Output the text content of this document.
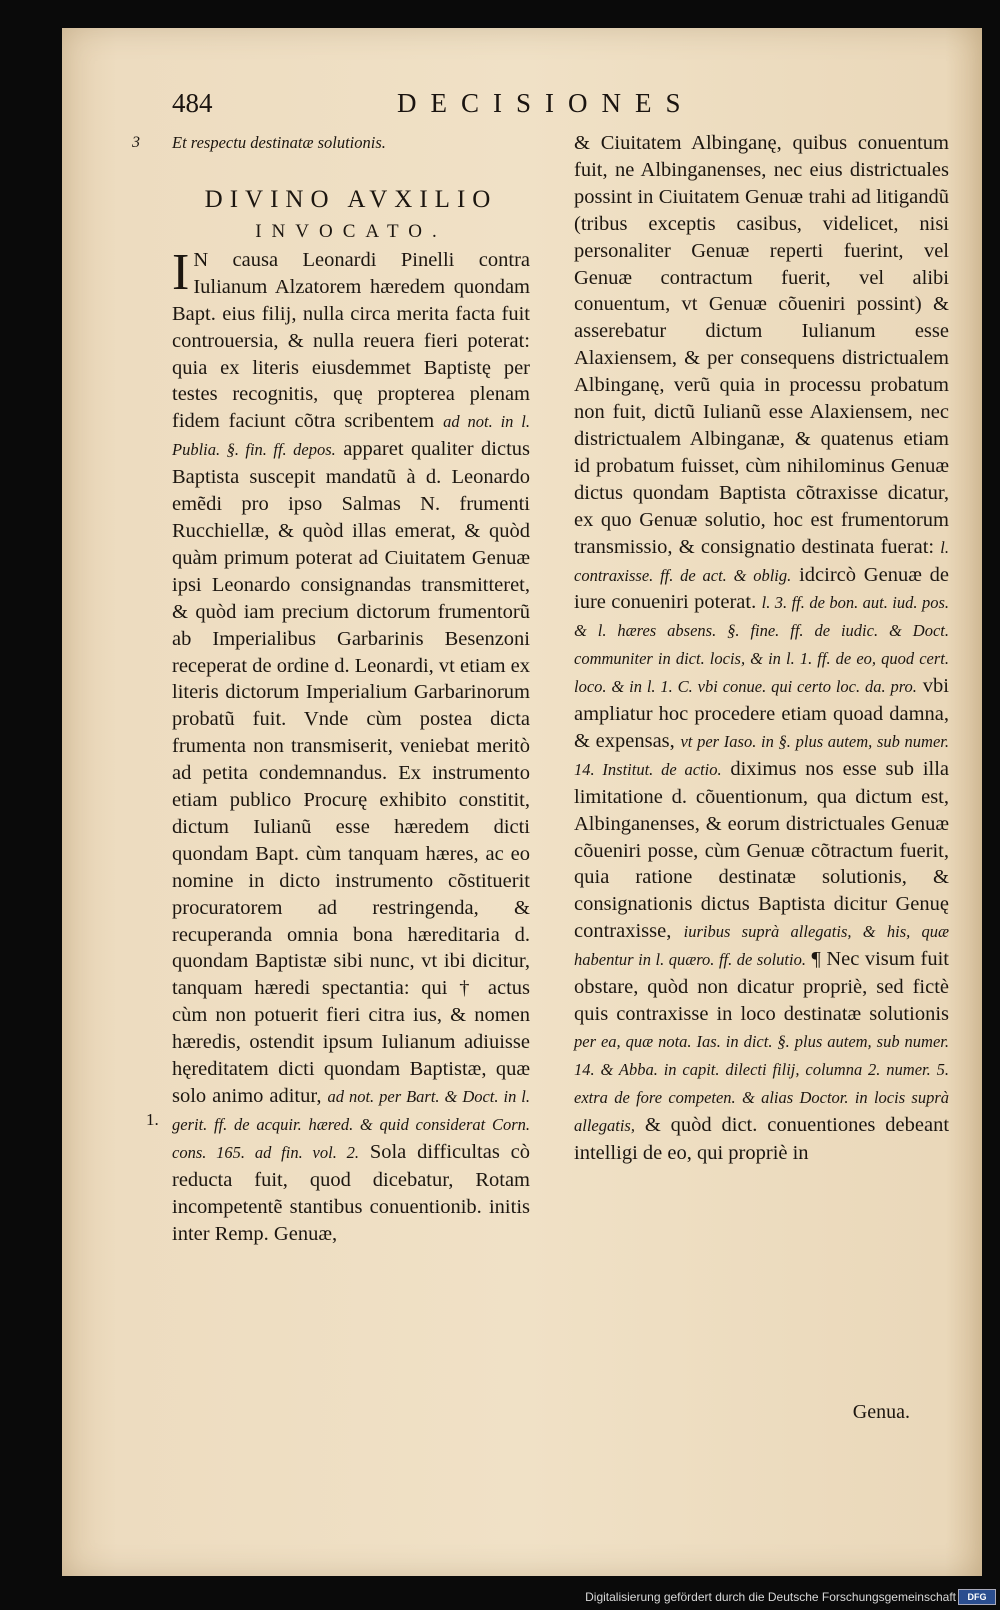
484	DECISIONES
3
1.

Et respectu destinatæ solutionis.

DIVINO AVXILIO

INVOCATO.

I N causa Leonardi Pinelli contra Iulianum Alzatorem hæredem quondam Bapt. eius filij, nulla circa merita facta fuit controuersia, & nulla reuera fieri poterat: quia ex literis eiusdemmet Baptistę per testes recognitis, quę propterea plenam fidem faciunt cõtra scribentem ad not. in l. Publia. §. fin. ff. depos. apparet qualiter dictus Baptista suscepit mandatũ à d. Leonardo emẽdi pro ipso Salmas N. frumenti Rucchiellæ, & quòd illas emerat, & quòd quàm primum poterat ad Ciuitatem Genuæ ipsi Leonardo consignandas transmitteret, & quòd iam precium dictorum frumentorũ ab Imperialibus Garbarinis Besenzoni receperat de ordine d. Leonardi, vt etiam ex literis dictorum Imperialium Garbarinorum probatũ fuit. Vnde cùm postea dicta frumenta non transmiserit, veniebat meritò ad petita condemnandus. Ex instrumento etiam publico Procurę exhibito constitit, dictum Iulianũ esse hæredem dicti quondam Bapt. cùm tanquam hæres, ac eo nomine in dicto instrumento cõstituerit procuratorem ad restringenda, & recuperanda omnia bona hæreditaria d. quondam Baptistæ sibi nunc, vt ibi dicitur, tanquam hæredi spectantia: qui † actus cùm non potuerit fieri citra ius, & nomen hæredis, ostendit ipsum Iulianum adiuisse hęreditatem dicti quondam Baptistæ, quæ solo animo aditur, ad not. per Bart. & Doct. in l. gerit. ff. de acquir. hæred. & quid considerat Corn. cons. 165. ad fin. vol. 2. Sola difficultas cò reducta fuit, quod dicebatur, Rotam incompetentẽ stantibus conuentionib. initis inter Remp. Genuæ,

& Ciuitatem Albinganę, quibus conuentum fuit, ne Albinganenses, nec eius districtuales possint in Ciuitatem Genuæ trahi ad litigandũ (tribus exceptis casibus, videlicet, nisi personaliter Genuæ reperti fuerint, vel Genuæ contractum fuerit, vel alibi conuentum, vt Genuæ cõueniri possint) & asserebatur dictum Iulianum esse Alaxiensem, & per consequens districtualem Albinganę, verũ quia in processu probatum non fuit, dictũ Iulianũ esse Alaxiensem, nec districtualem Albinganæ, & quatenus etiam id probatum fuisset, cùm nihilominus Genuæ dictus quondam Baptista cõtraxisse dicatur, ex quo Genuæ solutio, hoc est frumentorum transmissio, & consignatio destinata fuerat: l. contraxisse. ff. de act. & oblig. idcircò Genuæ de iure conueniri poterat. l. 3. ff. de bon. aut. iud. pos. & l. hæres absens. §. fine. ff. de iudic. & Doct. communiter in dict. locis, & in l. 1. ff. de eo, quod cert. loco. & in l. 1. C. vbi conue. qui certo loc. da. pro. vbi ampliatur hoc procedere etiam quoad damna, & expensas, vt per Iaso. in §. plus autem, sub numer. 14. Institut. de actio. diximus nos esse sub illa limitatione d. cõuentionum, qua dictum est, Albinganenses, & eorum districtuales Genuæ cõueniri posse, cùm Genuæ cõtractum fuerit, quia ratione destinatæ solutionis, & consignationis dictus Baptista dicitur Genuę contraxisse, iuribus suprà allegatis, & his, quæ habentur in l. quæro. ff. de solutio. ¶ Nec visum fuit obstare, quòd non dicatur propriè, sed fictè quis contraxisse in loco destinatæ solutionis per ea, quæ nota. Ias. in dict. §. plus autem, sub numer. 14. & Abba. in capit. dilecti filij, columna 2. numer. 5. extra de fore competen. & alias Doctor. in locis suprà allegatis, & quòd dict. conuentiones debeant intelligi de eo, qui propriè in

Genua.
Digitalisierung gefördert durch die Deutsche Forschungsgemeinschaft	DFG
